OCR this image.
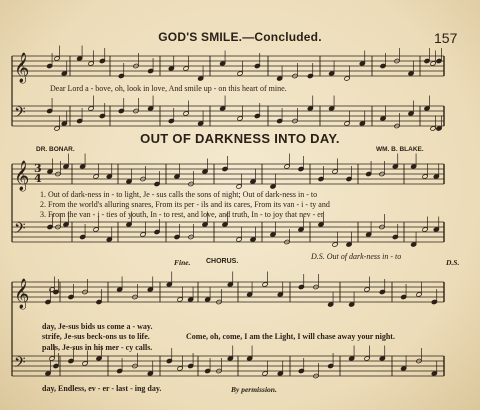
GOD'S SMILE.—Concluded.	157
𝄞
𝄢
𝄞
𝄢
𝄞
𝄢
3
4
Dear Lord a - bove, oh, look in love, And smile up - on this heart of mine.
OUT OF DARKNESS INTO DAY.
DR. BONAR.	WM. B. BLAKE.
1. Out of dark-ness in - to light, Je - sus calls the sons of night; Out of dark-ness in - to
2. From the world's alluring snares, From its per - ils and its cares, From its van - i - ty and
3. From the van - i - ties of youth, In - to rest, and love, and truth, In - to joy that nev - er
D.S. Out of dark-ness in - to
Fine. CHORUS.	D.S.
day, Je-sus bids us come a - way.
strife, Je-sus beck-ons us to life.	Come, oh, come, I am the Light, I will chase away your night.
palls, Je-sus in his mer - cy calls.
day, Endless, ev - er - last - ing day.	By permission.
